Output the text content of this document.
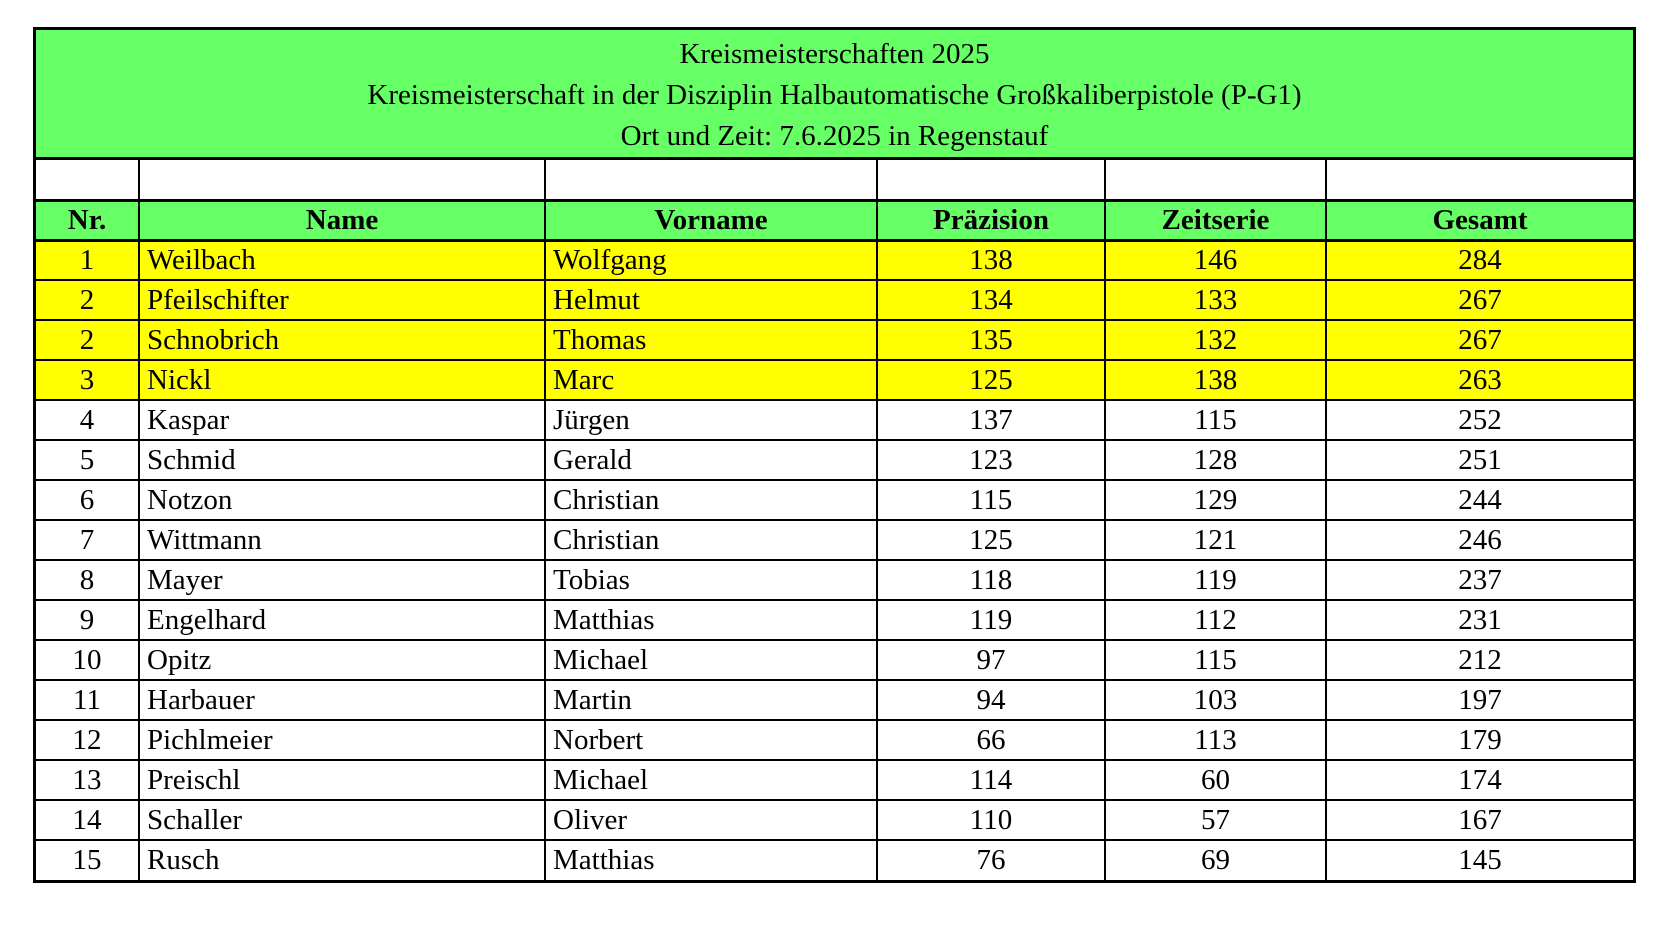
Kreismeisterschaften 2025
Kreismeisterschaft in der Disziplin Halbautomatische Großkaliberpistole (P-G1)
Ort und Zeit: 7.6.2025 in Regenstauf

Nr.	Name	Vorname	Präzision	Zeitserie	Gesamt
1	Weilbach	Wolfgang	138	146	284
2	Pfeilschifter	Helmut	134	133	267
2	Schnobrich	Thomas	135	132	267
3	Nickl	Marc	125	138	263
4	Kaspar	Jürgen	137	115	252
5	Schmid	Gerald	123	128	251
6	Notzon	Christian	115	129	244
7	Wittmann	Christian	125	121	246
8	Mayer	Tobias	118	119	237
9	Engelhard	Matthias	119	112	231
10	Opitz	Michael	97	115	212
11	Harbauer	Martin	94	103	197
12	Pichlmeier	Norbert	66	113	179
13	Preischl	Michael	114	60	174
14	Schaller	Oliver	110	57	167
15	Rusch	Matthias	76	69	145
